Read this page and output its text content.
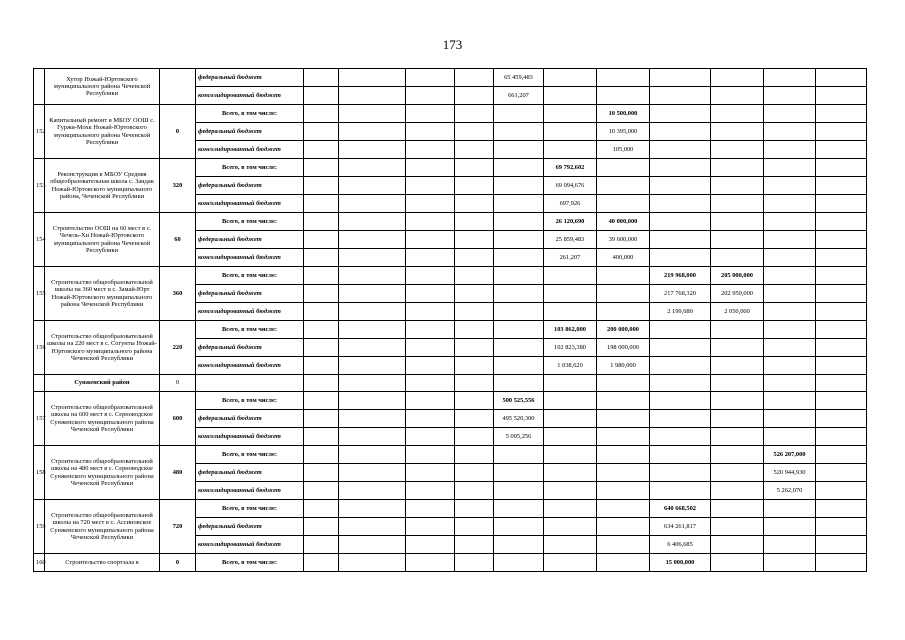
173
	Хутор Ножай-Юртовского муниципального района Чеченской Республики		федеральный бюджет					65 459,483						
			консолидированный бюджет					661,207						
152	Капитальный ремонт в МБОУ ООШ с. Гуржи-Мохк Ножай-Юртовского муниципального района Чеченской Республики	0	Всего, в том числе:							10 500,000				
			федеральный бюджет							10 395,000				
			консолидированный бюджет							105,000				
153	Реконструкция в МБОУ Средняя общеобразовательная школа с. Зандак Ножай-Юртовского муниципального района, Чеченской Республики	320	Всего, в том числе:						69 792,602					
			федеральный бюджет						69 094,676					
			консолидированный бюджет						697,926					
154	Строительство ООШ на 60 мест в с. Чечель-Хи Ножай-Юртовского муниципального района Чеченской Республики	60	Всего, в том числе:						26 120,690	40 000,000				
			федеральный бюджет						25 859,483	39 600,000				
			консолидированный бюджет						261,207	400,000				
155	Строительство общеобразовательной школы на 360 мест в с. Замай-Юрт Ножай-Юртовского муниципального района Чеченской Республики	360	Всего, в том числе:								219 968,000	205 000,000		
			федеральный бюджет								217 768,320	202 950,000		
			консолидированный бюджет								2 199,680	2 050,000		
156	Строительство общеобразовательной школы на 220 мест в с. Согунты Ножай-Юртовского муниципального района Чеченской Республики	220	Всего, в том числе:						103 862,000	200 000,000				
			федеральный бюджет						102 823,380	198 000,000				
			консолидированный бюджет						1 038,620	1 980,000				
	Сунженский район	0												
157	Строительство общеобразовательной школы на 600 мест в с. Серноводское Сунженского муниципального района Чеченской Республики	600	Всего, в том числе:					500 525,556						
			федеральный бюджет					495 520,300						
			консолидированный бюджет					5 005,256						
158	Строительство общеобразовательной школы на 480 мест в с. Серноводское Сунженского муниципального района Чеченской Республики	480	Всего, в том числе:										526 207,000	
			федеральный бюджет										520 944,930	
			консолидированный бюджет										5 262,070	
159	Строительство общеобразовательной школы на 720 мест в с. Ассиновское Сунженского муниципального района Чеченской Республики	720	Всего, в том числе:								640 668,502			
			федеральный бюджет								634 261,817			
			консолидированный бюджет								6 406,685			
160	Строительство спортзала в	0	Всего, в том числе:								15 000,000			
